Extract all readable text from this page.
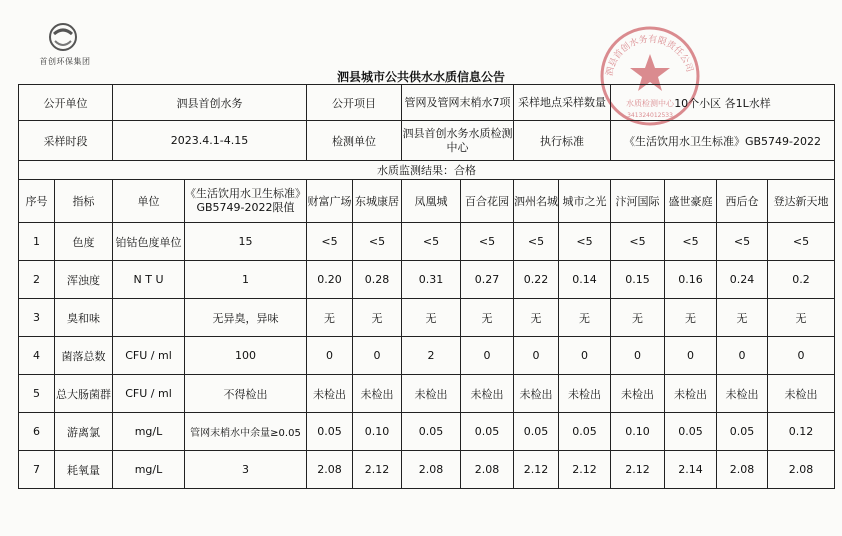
首创环保集团
泗县城市公共供水水质信息公告	泗县首创水务有限责任公司
水质检测中心
341324012533
公开单位		泗县首创水务		公开项目		管网及管网末梢水7项		采样地点采样数量		10个小区 各1L水样			
采样时段		2023.4.1-4.15		检测单位		泗县首创水务水质检测中心		执行标准		《生活饮用水卫生标准》GB5749-2022			
水质监测结果：合格													
序号	指标	单位	《生活饮用水卫生标准》GB5749-2022限值	财富广场	东城康居	凤凰城	百合花园	泗州名城	城市之光	汴河国际	盛世豪庭	西后仓	登达新天地
1	色度	铂钴色度单位	15	<5	<5	<5	<5	<5	<5	<5	<5	<5	<5
2	浑浊度	N T U	1	0.20	0.28	0.31	0.27	0.22	0.14	0.15	0.16	0.24	0.2
3	臭和味		无异臭，异味	无	无	无	无	无	无	无	无	无	无
4	菌落总数	CFU / ml	100	0	0	2	0	0	0	0	0	0	0
5	总大肠菌群	CFU / ml	不得检出	未检出	未检出	未检出	未检出	未检出	未检出	未检出	未检出	未检出	未检出
6	游离氯	mg/L	管网末梢水中余量≥0.05	0.05	0.10	0.05	0.05	0.05	0.05	0.10	0.05	0.05	0.12
7	耗氧量	mg/L	3	2.08	2.12	2.08	2.08	2.12	2.12	2.12	2.14	2.08	2.08
